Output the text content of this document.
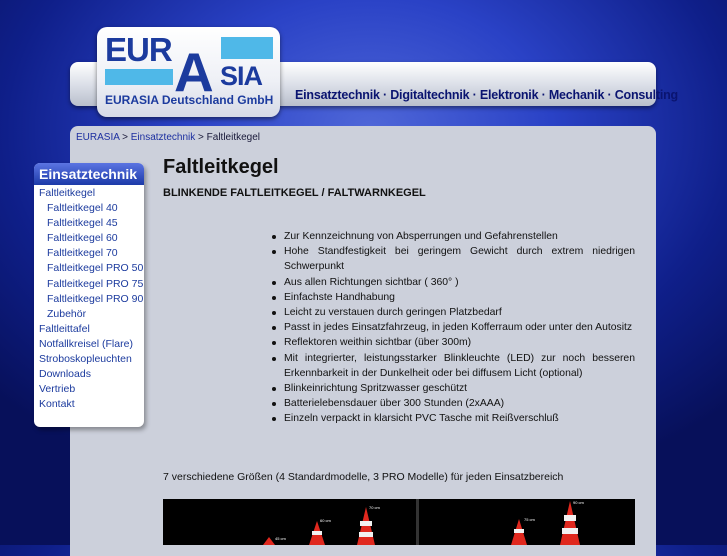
Einsatztechnik · Digitaltechnik · Elektronik · Mechanik · Consulting
EUR A SIA
EURASIA Deutschland GmbH
EURASIA > Einsatztechnik > Faltleitkegel
Einsatztechnik
Faltleitkegel
Faltleitkegel 40
Faltleitkegel 45
Faltleitkegel 60
Faltleitkegel 70
Faltleitkegel PRO 50
Faltleitkegel PRO 75
Faltleitkegel PRO 90
Zubehör
Faltleittafel
Notfallkreisel (Flare)
Stroboskopleuchten
Downloads
Vertrieb
Kontakt
Faltleitkegel
BLINKENDE FALTLEITKEGEL / FALTWARNKEGEL
Zur Kennzeichnung von Absperrungen und Gefahrenstellen
Hohe Standfestigkeit bei geringem Gewicht durch extrem niedrigen Schwerpunkt
Aus allen Richtungen sichtbar ( 360° )
Einfachste Handhabung
Leicht zu verstauen durch geringen Platzbedarf
Passt in jedes Einsatzfahrzeug, in jeden Kofferraum oder unter den Autositz
Reflektoren weithin sichtbar (über 300m)
Mit integrierter, leistungsstarker Blinkleuchte (LED) zur noch besseren Erkennbarkeit in der Dunkelheit oder bei diffusem Licht (optional)
Blinkeinrichtung Spritzwasser geschützt
Batterielebensdauer über 300 Stunden (2xAAA)
Einzeln verpackt in klarsicht PVC Tasche mit Reißverschluß
7 verschiedene Größen (4 Standardmodelle, 3 PRO Modelle) für jeden Einsatzbereich
45 cm
60 cm
70 cm
75 cm
90 cm
